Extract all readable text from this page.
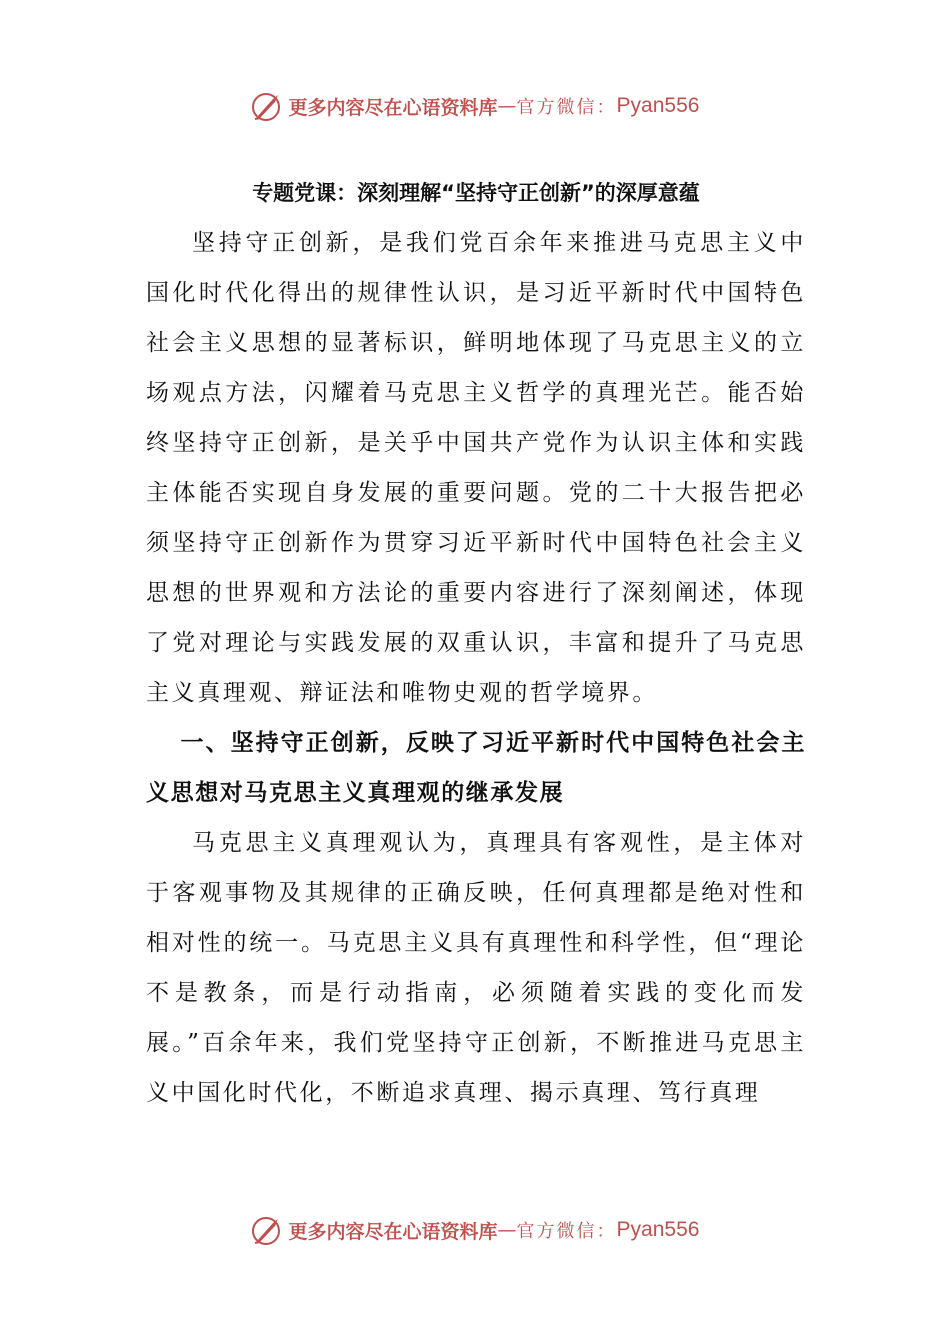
更多内容尽在心语资料库 — 官方微信： Pyan556

专题党课：深刻理解“坚持守正创新”的深厚意蕴

坚持守正创新，是我们党百余年来推进马克思主义中国化时代化得出的规律性认识，是习近平新时代中国特色社会主义思想的显著标识，鲜明地体现了马克思主义的立场观点方法，闪耀着马克思主义哲学的真理光芒。能否始终坚持守正创新，是关乎中国共产党作为认识主体和实践主体能否实现自身发展的重要问题。党的二十大报告把必须坚持守正创新作为贯穿习近平新时代中国特色社会主义思想的世界观和方法论的重要内容进行了深刻阐述，体现了党对理论与实践发展的双重认识，丰富和提升了马克思主义真理观、辩证法和唯物史观的哲学境界。

一、坚持守正创新，反映了习近平新时代中国特色社会主义思想对马克思主义真理观的继承发展

马克思主义真理观认为，真理具有客观性，是主体对于客观事物及其规律的正确反映，任何真理都是绝对性和相对性的统一。马克思主义具有真理性和科学性，但“理论不是教条，而是行动指南，必须随着实践的变化而发展。”百余年来，我们党坚持守正创新，不断推进马克思主义中国化时代化，不断追求真理、揭示真理、笃行真理

更多内容尽在心语资料库 — 官方微信： Pyan556
